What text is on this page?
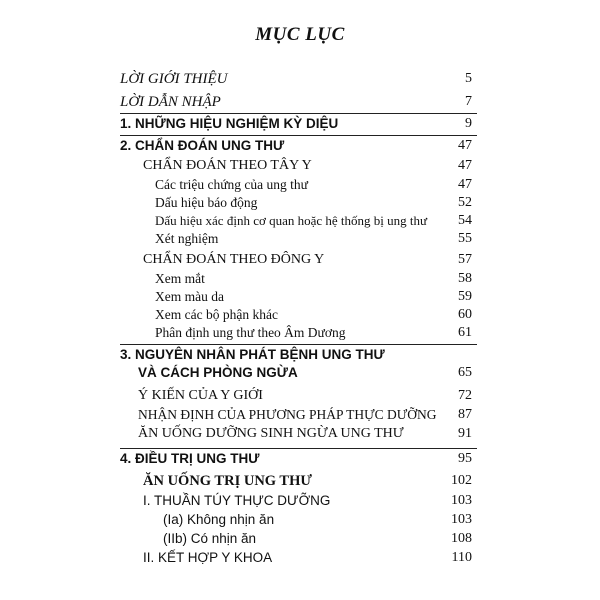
MỤC LỤC
LỜI GIỚI THIỆU	5
LỜI DẪN NHẬP	7
1. NHỮNG HIỆU NGHIỆM KỲ DIỆU	9
2. CHẨN ĐOÁN UNG THƯ	47
CHẨN ĐOÁN THEO TÂY Y	47
Các triệu chứng của ung thư	47
Dấu hiệu báo động	52
Dấu hiệu xác định cơ quan hoặc hệ thống bị ung thư 54
Xét nghiệm	55
CHẨN ĐOÁN THEO ĐÔNG Y	57
Xem mắt	58
Xem màu da	59
Xem các bộ phận khác	60
Phân định ung thư theo Âm Dương	61
3. NGUYÊN NHÂN PHÁT BỆNH UNG THƯ
VÀ CÁCH PHÒNG NGỪA	65
Ý KIẾN CỦA Y GIỚI	72
NHẬN ĐỊNH CỦA PHƯƠNG PHÁP THỰC DƯỠNG 87
ĂN UỐNG DƯỠNG SINH NGỪA UNG THƯ	91
4. ĐIỀU TRỊ UNG THƯ	95
ĂN UỐNG TRỊ UNG THƯ	102
I. THUẦN TÚY THỰC DƯỠNG	103
(Ia) Không nhịn ăn	103
(IIb) Có nhịn ăn	108
II. KẾT HỢP Y KHOA	110
